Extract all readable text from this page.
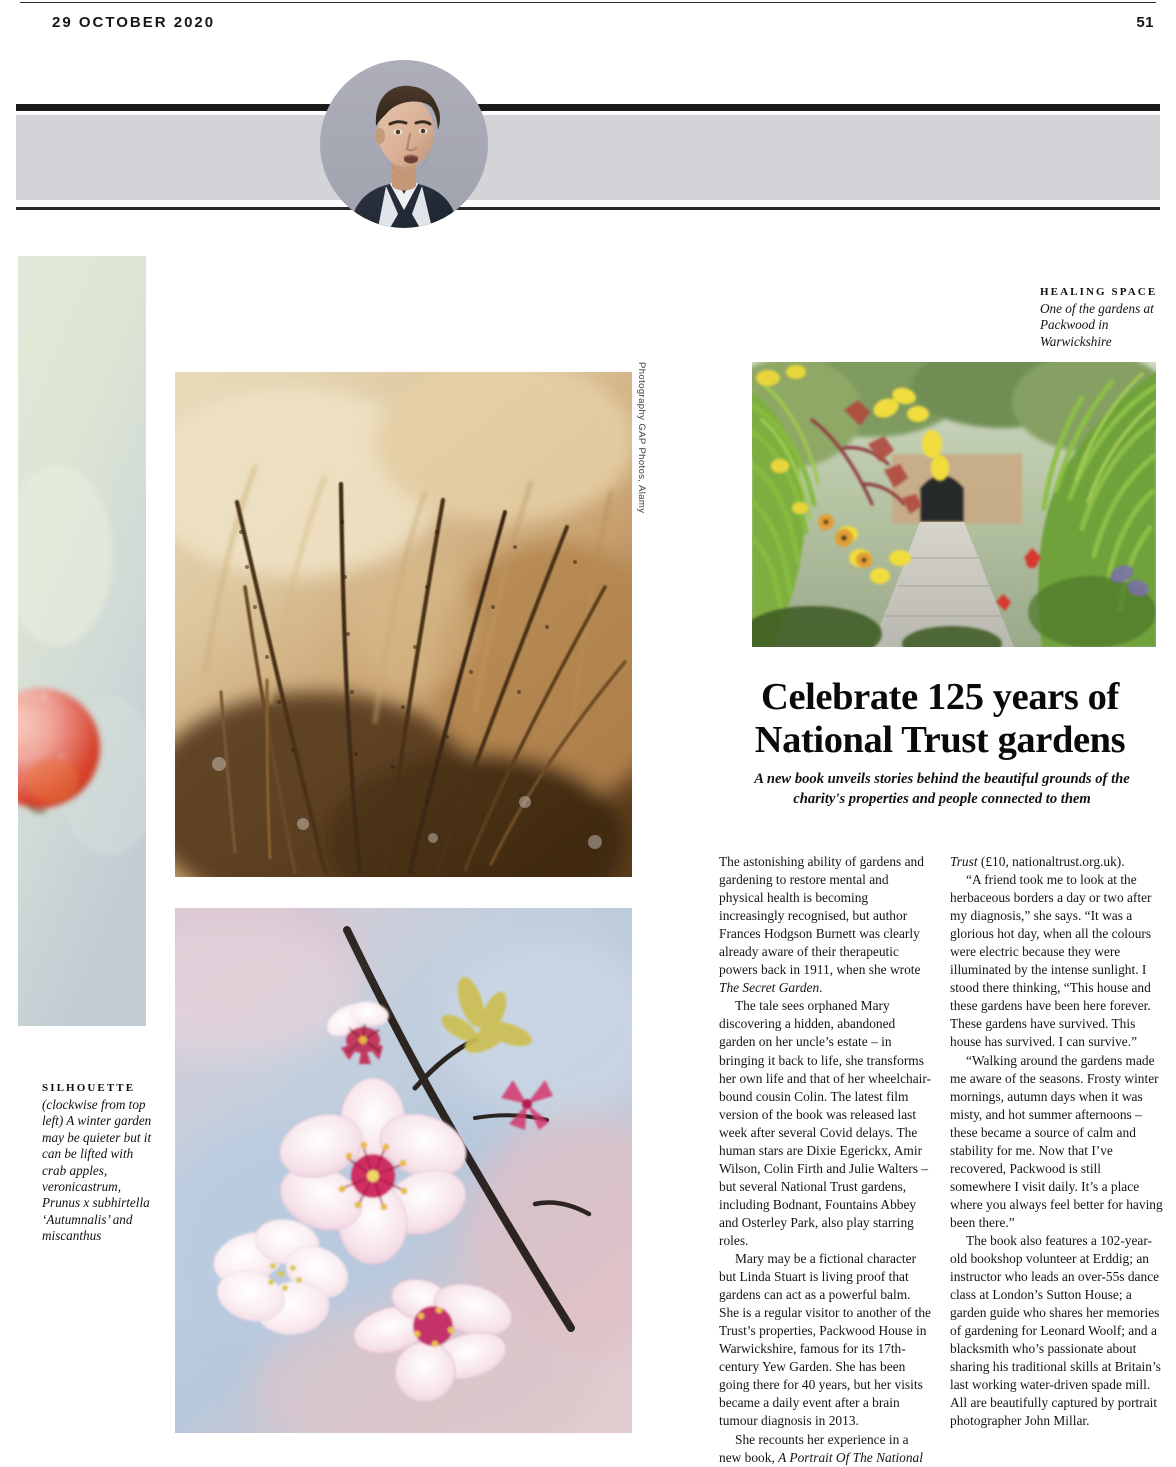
29 OCTOBER 2020	51
Photography GAP Photos, Alamy

HEALING SPACE

One of the gardens at Packwood in Warwickshire

SILHOUETTE

(clockwise from top left) A winter garden may be quieter but it can be lifted with crab apples, veronicastrum, Prunus x subhirtella ‘Autumnalis’ and miscanthus

Celebrate 125 years of
National Trust gardens

A new book unveils stories behind the beautiful grounds of the charity's properties and people connected to them

The astonishing ability of gardens and gardening to restore mental and physical health is becoming increasingly recognised, but author Frances Hodgson Burnett was clearly already aware of their therapeutic powers back in 1911, when she wrote The Secret Garden.

The tale sees orphaned Mary discovering a hidden, abandoned garden on her uncle’s estate – in bringing it back to life, she transforms her own life and that of her wheelchair-bound cousin Colin. The latest film version of the book was released last week after several Covid delays. The human stars are Dixie Egerickx, Amir Wilson, Colin Firth and Julie Walters – but several National Trust gardens, including Bodnant, Fountains Abbey and Osterley Park, also play starring roles.

Mary may be a fictional character but Linda Stuart is living proof that gardens can act as a powerful balm. She is a regular visitor to another of the Trust’s properties, Packwood House in Warwickshire, famous for its 17th-century Yew Garden. She has been going there for 40 years, but her visits became a daily event after a brain tumour diagnosis in 2013.

She recounts her experience in a new book, A Portrait Of The National

Trust (£10, nationaltrust.org.uk).

“A friend took me to look at the herbaceous borders a day or two after my diagnosis,” she says. “It was a glorious hot day, when all the colours were electric because they were illuminated by the intense sunlight. I stood there thinking, “This house and these gardens have been here forever. These gardens have survived. This house has survived. I can survive.”

“Walking around the gardens made me aware of the seasons. Frosty winter mornings, autumn days when it was misty, and hot summer afternoons – these became a source of calm and stability for me. Now that I’ve recovered, Packwood is still somewhere I visit daily. It’s a place where you always feel better for having been there.”

The book also features a 102-year-old bookshop volunteer at Erddig; an instructor who leads an over-55s dance class at London’s Sutton House; a garden guide who shares her memories of gardening for Leonard Woolf; and a blacksmith who’s passionate about sharing his traditional skills at Britain’s last working water-driven spade mill. All are beautifully captured by portrait photographer John Millar.
